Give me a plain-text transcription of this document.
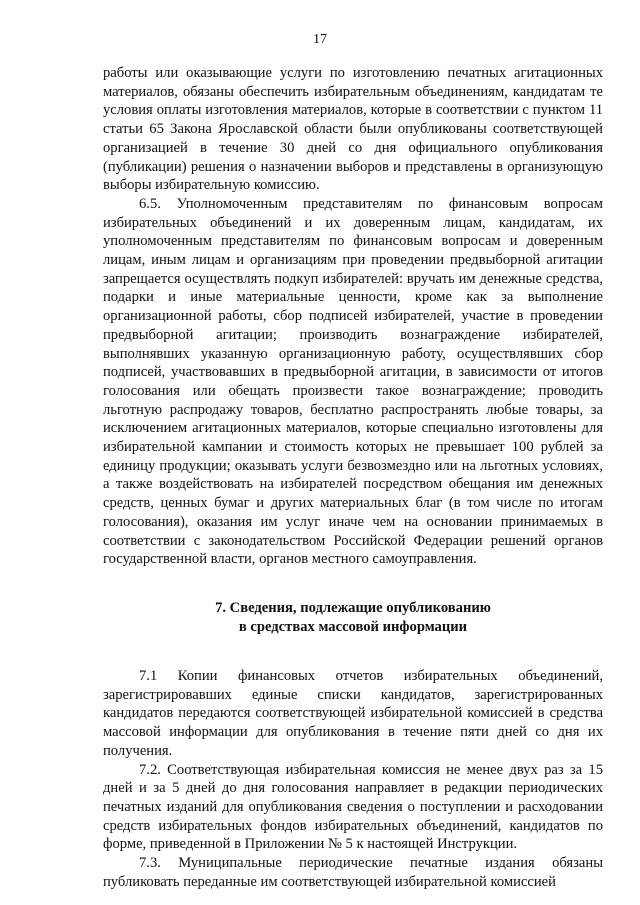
17

работы или оказывающие услуги по изготовлению печатных агитационных материалов, обязаны обеспечить избирательным объединениям, кандидатам те условия оплаты изготовления материалов, которые в соответствии с пунктом 11 статьи 65 Закона Ярославской области были опубликованы соответствующей организацией в течение 30 дней со дня официального опубликования (публикации) решения о назначении выборов и представлены в организующую выборы избирательную комиссию.

6.5. Уполномоченным представителям по финансовым вопросам избирательных объединений и их доверенным лицам, кандидатам, их уполномоченным представителям по финансовым вопросам и доверенным лицам, иным лицам и организациям при проведении предвыборной агитации запрещается осуществлять подкуп избирателей: вручать им денежные средства, подарки и иные материальные ценности, кроме как за выполнение организационной работы, сбор подписей избирателей, участие в проведении предвыборной агитации; производить вознаграждение избирателей, выполнявших указанную организационную работу, осуществлявших сбор подписей, участвовавших в предвыборной агитации, в зависимости от итогов голосования или обещать произвести такое вознаграждение; проводить льготную распродажу товаров, бесплатно распространять любые товары, за исключением агитационных материалов, которые специально изготовлены для избирательной кампании и стоимость которых не превышает 100 рублей за единицу продукции; оказывать услуги безвозмездно или на льготных условиях, а также воздействовать на избирателей посредством обещания им денежных средств, ценных бумаг и других материальных благ (в том числе по итогам голосования), оказания им услуг иначе чем на основании принимаемых в соответствии с законодательством Российской Федерации решений органов государственной власти, органов местного самоуправления.

7. Сведения, подлежащие опубликованию
в средствах массовой информации

7.1 Копии финансовых отчетов избирательных объединений, зарегистрировавших единые списки кандидатов, зарегистрированных кандидатов передаются соответствующей избирательной комиссией в средства массовой информации для опубликования в течение пяти дней со дня их получения.

7.2. Соответствующая избирательная комиссия не менее двух раз за 15 дней и за 5 дней до дня голосования направляет в редакции периодических печатных изданий для опубликования сведения о поступлении и расходовании средств избирательных фондов избирательных объединений, кандидатов по форме, приведенной в Приложении № 5 к настоящей Инструкции.

7.3. Муниципальные периодические печатные издания обязаны публиковать переданные им соответствующей избирательной комиссией
